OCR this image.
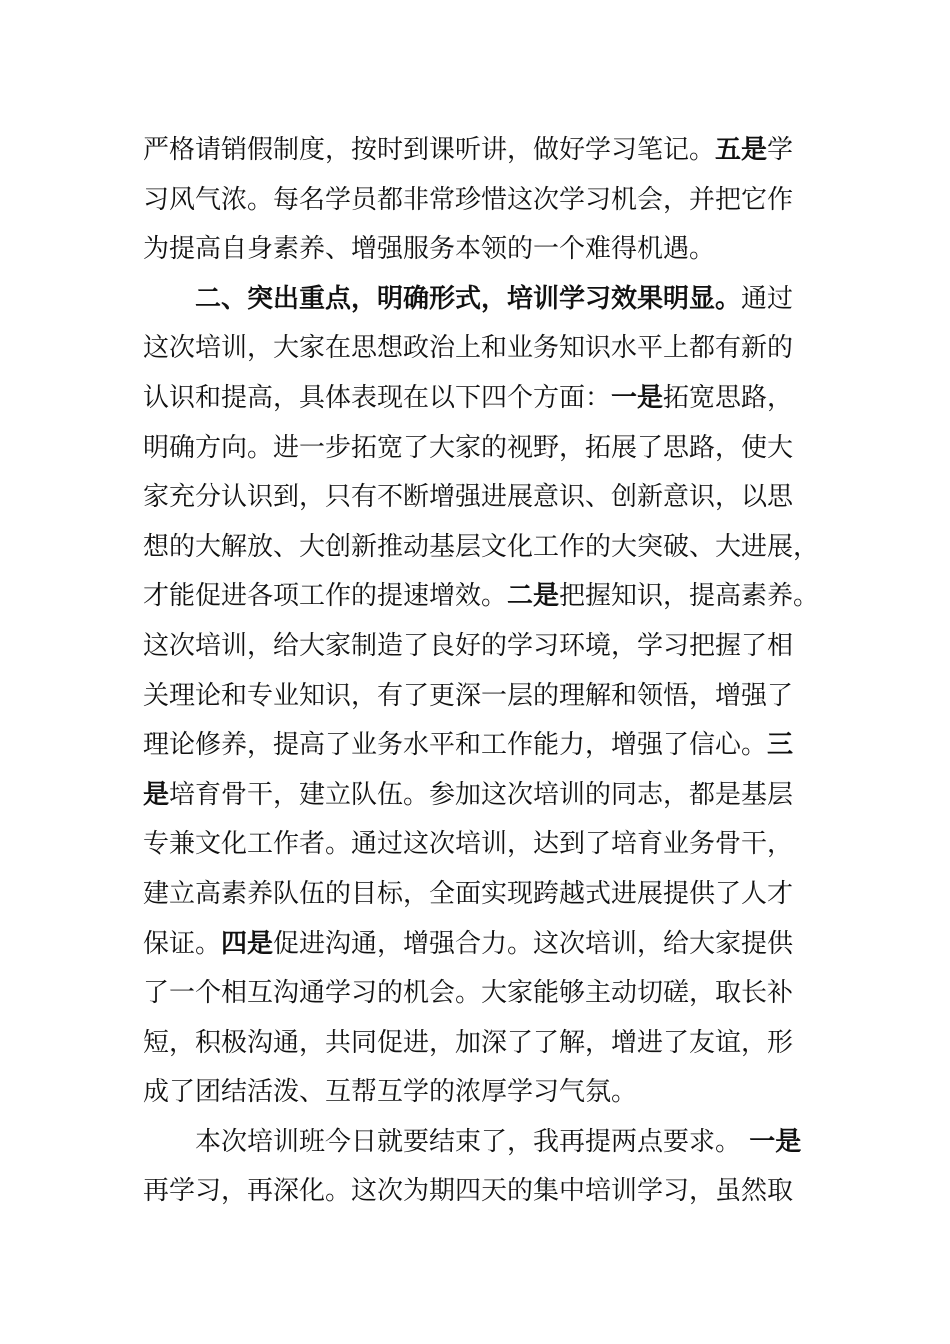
严格请销假制度，按时到课听讲，做好学习笔记。五是学
习风气浓。每名学员都非常珍惜这次学习机会，并把它作
为提高自身素养、增强服务本领的一个难得机遇。
二、突出重点，明确形式，培训学习效果明显。通过
这次培训，大家在思想政治上和业务知识水平上都有新的
认识和提高，具体表现在以下四个方面：一是拓宽思路，
明确方向。进一步拓宽了大家的视野，拓展了思路，使大
家充分认识到，只有不断增强进展意识、创新意识，以思
想的大解放、大创新推动基层文化工作的大突破、大进展，
才能促进各项工作的提速增效。二是把握知识，提高素养。
这次培训，给大家制造了良好的学习环境，学习把握了相
关理论和专业知识，有了更深一层的理解和领悟，增强了
理论修养，提高了业务水平和工作能力，增强了信心。三
是培育骨干，建立队伍。参加这次培训的同志，都是基层
专兼文化工作者。通过这次培训，达到了培育业务骨干，
建立高素养队伍的目标，全面实现跨越式进展提供了人才
保证。四是促进沟通，增强合力。这次培训，给大家提供
了一个相互沟通学习的机会。大家能够主动切磋，取长补
短，积极沟通，共同促进，加深了了解，增进了友谊，形
成了团结活泼、互帮互学的浓厚学习气氛。
本次培训班今日就要结束了，我再提两点要求。 一是
再学习，再深化。这次为期四天的集中培训学习，虽然取
